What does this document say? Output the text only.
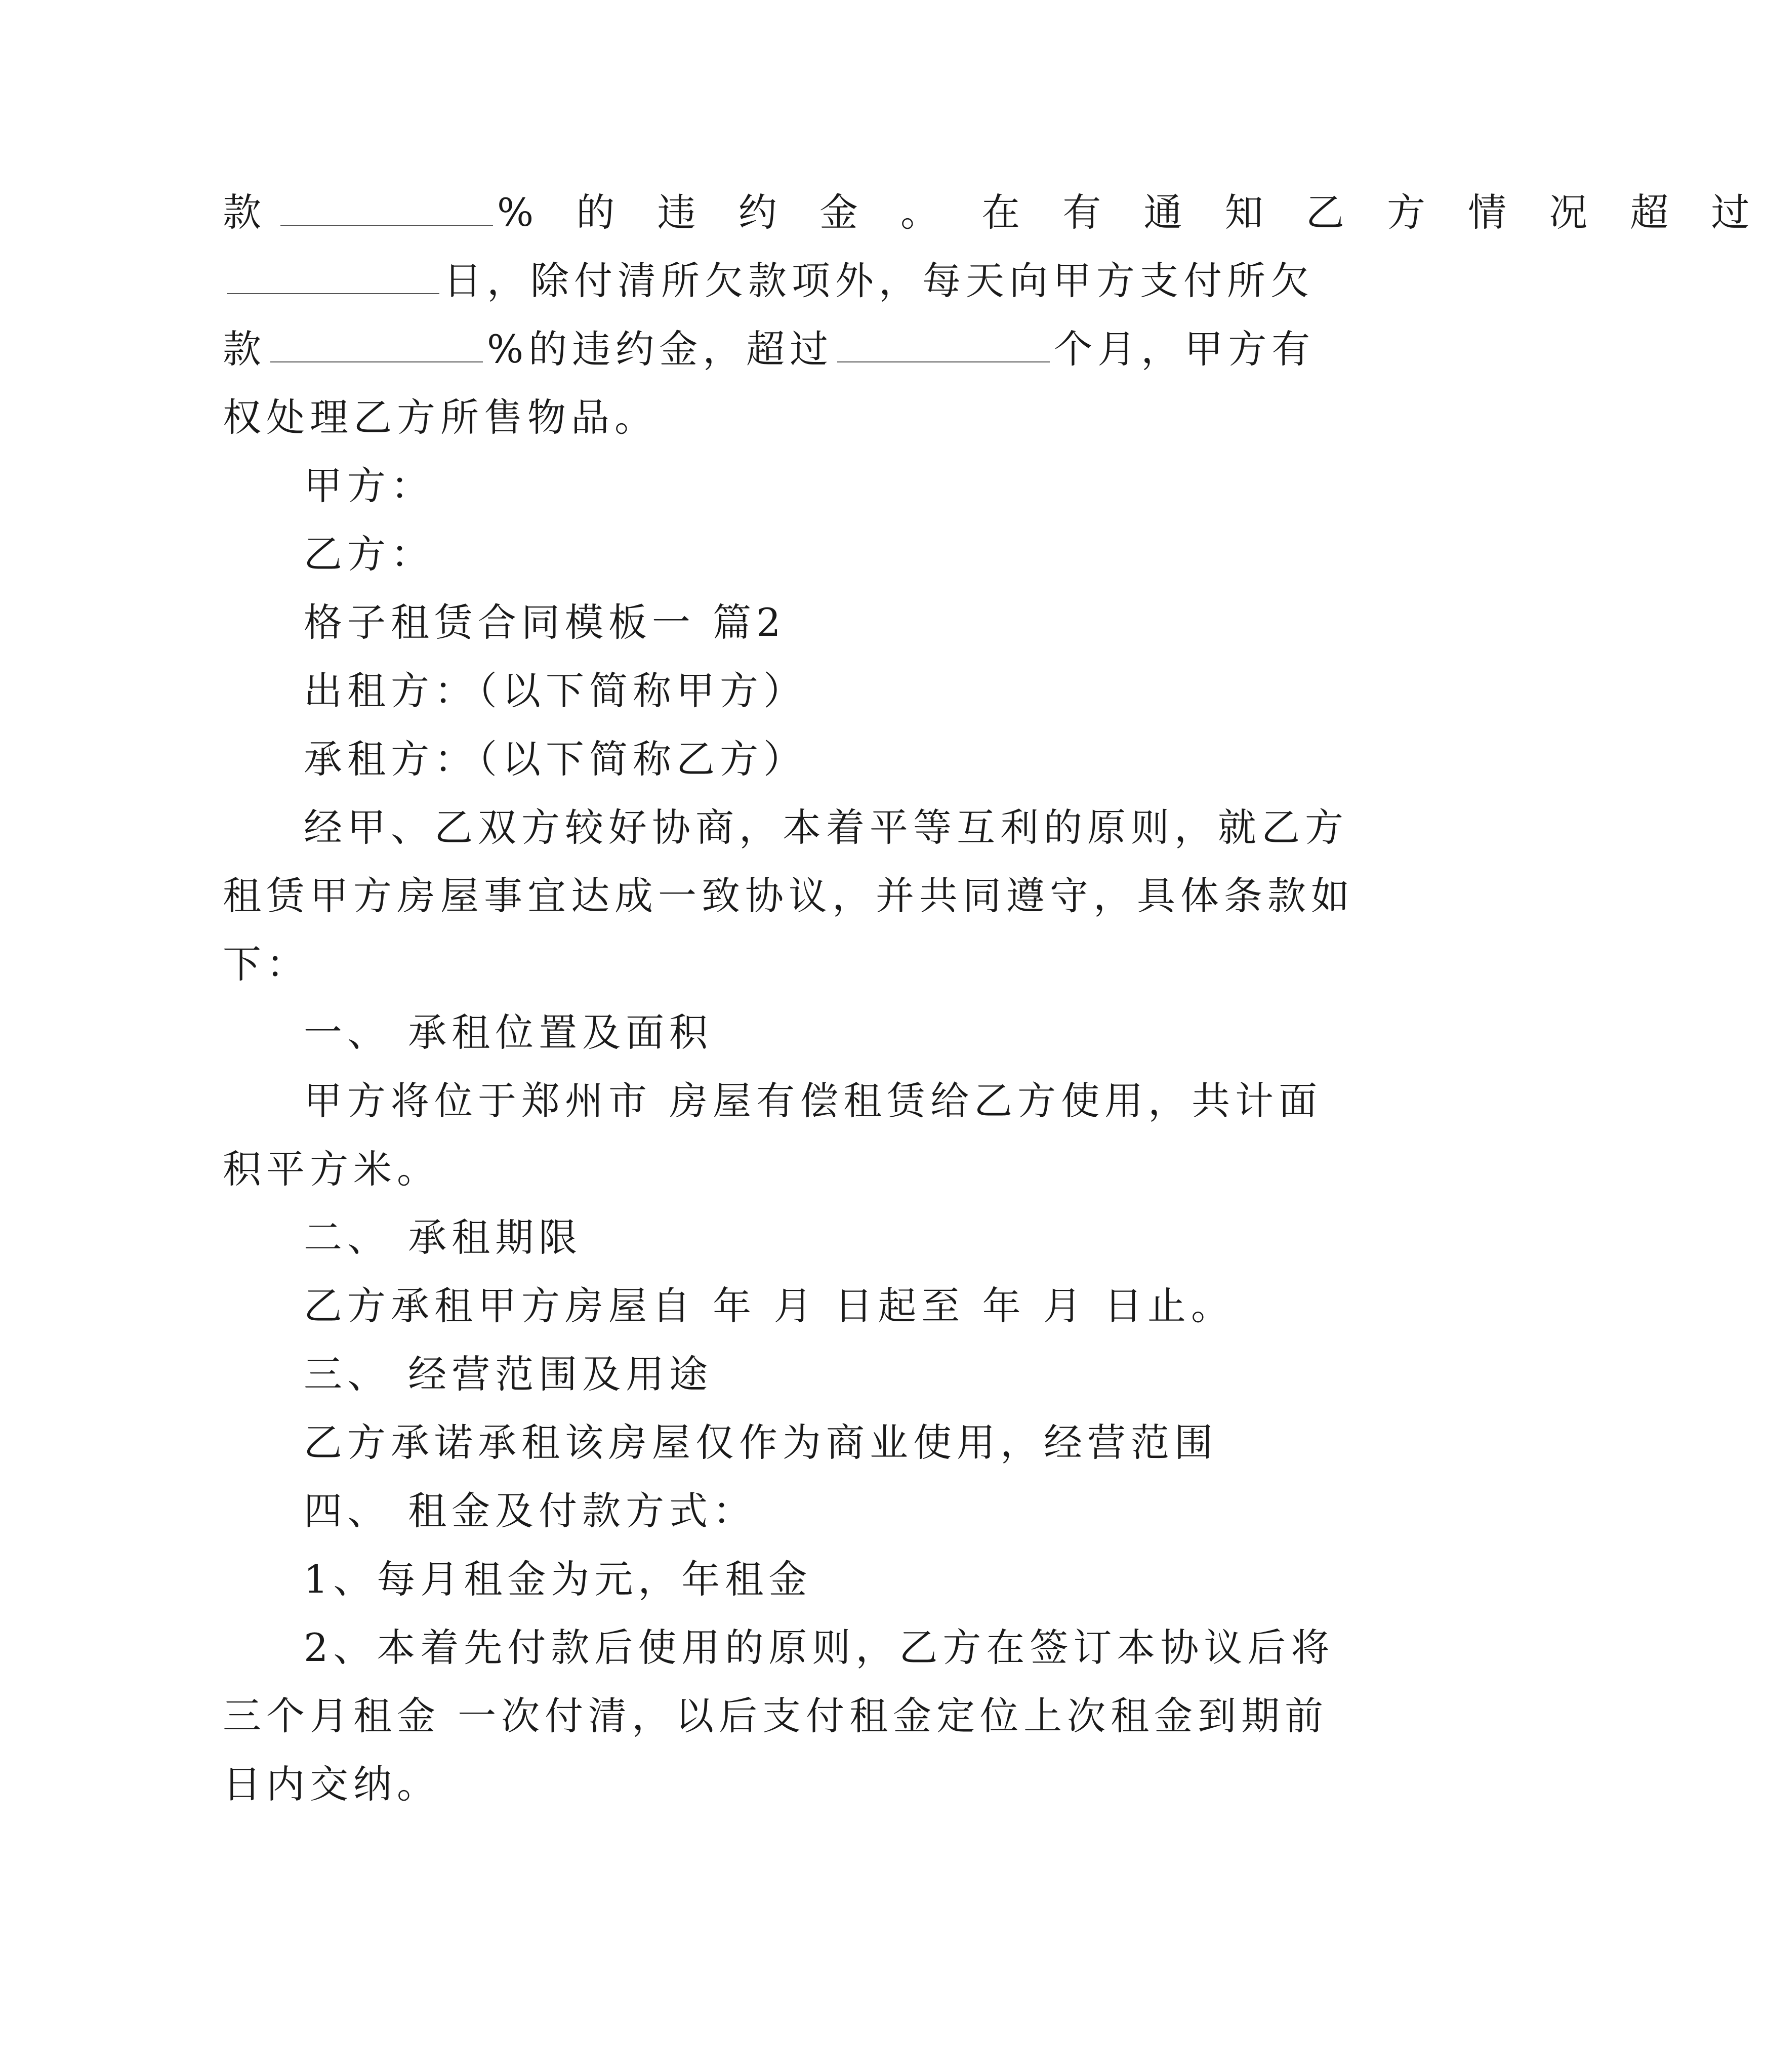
款	% 的 违 约 金 。 在 有 通 知 乙 方 情 况 超 过

日，除付清所欠款项外，每天向甲方支付所欠

款	%的违约金，超过	个月，甲方有

权处理乙方所售物品。

甲方：

乙方：

格子租赁合同模板一 篇2

出租方：（以下简称甲方）

承租方：（以下简称乙方）

经甲、乙双方较好协商，本着平等互利的原则，就乙方

租赁甲方房屋事宜达成一致协议，并共同遵守，具体条款如

下：

一、 承租位置及面积

甲方将位于郑州市 房屋有偿租赁给乙方使用，共计面

积平方米。

二、 承租期限

乙方承租甲方房屋自 年 月 日起至 年 月 日止。

三、 经营范围及用途

乙方承诺承租该房屋仅作为商业使用，经营范围

四、 租金及付款方式：

1、每月租金为元，年租金

2、本着先付款后使用的原则，乙方在签订本协议后将

三个月租金 一次付清，以后支付租金定位上次租金到期前

日内交纳。
